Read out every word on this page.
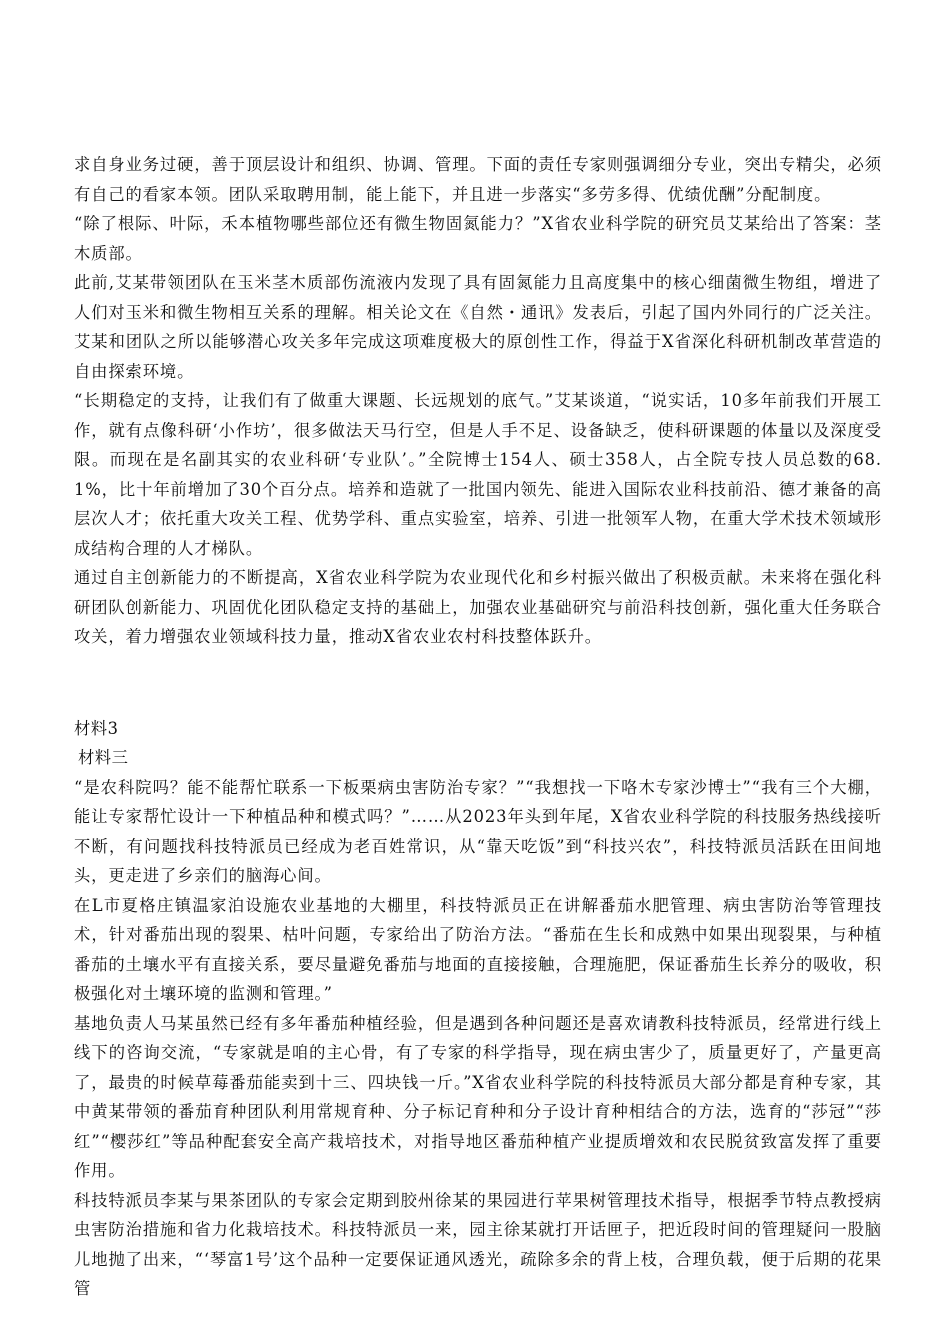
求自身业务过硬，善于顶层设计和组织、协调、管理。下面的责任专家则强调细分专业，突出专精尖，必须有自己的看家本领。团队采取聘用制，能上能下，并且进一步落实“多劳多得、优绩优酬”分配制度。

“除了根际、叶际，禾本植物哪些部位还有微生物固氮能力？”X省农业科学院的研究员艾某给出了答案：茎木质部。

此前,艾某带领团队在玉米茎木质部伤流液内发现了具有固氮能力且高度集中的核心细菌微生物组，增进了人们对玉米和微生物相互关系的理解。相关论文在《自然・通讯》发表后，引起了国内外同行的广泛关注。艾某和团队之所以能够潜心攻关多年完成这项难度极大的原创性工作，得益于X省深化科研机制改革营造的自由探索环境。

“长期稳定的支持，让我们有了做重大课题、长远规划的底气。”艾某谈道，“说实话，10多年前我们开展工作，就有点像科研‘小作坊’，很多做法天马行空，但是人手不足、设备缺乏，使科研课题的体量以及深度受限。而现在是名副其实的农业科研‘专业队’。”全院博士154人、硕士358人，占全院专技人员总数的68.1%，比十年前增加了30个百分点。培养和造就了一批国内领先、能进入国际农业科技前沿、德才兼备的高层次人才；依托重大攻关工程、优势学科、重点实验室，培养、引进一批领军人物，在重大学术技术领域形成结构合理的人才梯队。

通过自主创新能力的不断提高，X省农业科学院为农业现代化和乡村振兴做出了积极贡献。未来将在强化科研团队创新能力、巩固优化团队稳定支持的基础上，加强农业基础研究与前沿科技创新，强化重大任务联合攻关，着力增强农业领域科技力量，推动X省农业农村科技整体跃升。

材料3

材料三

“是农科院吗？能不能帮忙联系一下板栗病虫害防治专家？”“我想找一下咯木专家沙博士”“我有三个大棚，能让专家帮忙设计一下种植品种和模式吗？”……从2023年头到年尾，X省农业科学院的科技服务热线接听不断，有问题找科技特派员已经成为老百姓常识，从“靠天吃饭”到“科技兴农”，科技特派员活跃在田间地头，更走进了乡亲们的脑海心间。

在L市夏格庄镇温家泊设施农业基地的大棚里，科技特派员正在讲解番茄水肥管理、病虫害防治等管理技术，针对番茄出现的裂果、枯叶问题，专家给出了防治方法。“番茄在生长和成熟中如果出现裂果，与种植番茄的土壤水平有直接关系，要尽量避免番茄与地面的直接接触，合理施肥，保证番茄生长养分的吸收，积极强化对土壤环境的监测和管理。”

基地负责人马某虽然已经有多年番茄种植经验，但是遇到各种问题还是喜欢请教科技特派员，经常进行线上线下的咨询交流，“专家就是咱的主心骨，有了专家的科学指导，现在病虫害少了，质量更好了，产量更高了，最贵的时候草莓番茄能卖到十三、四块钱一斤。”X省农业科学院的科技特派员大部分都是育种专家，其中黄某带领的番茄育种团队利用常规育种、分子标记育种和分子设计育种相结合的方法，选育的“莎冠”“莎红”“樱莎红”等品种配套安全高产栽培技术，对指导地区番茄种植产业提质增效和农民脱贫致富发挥了重要作用。

科技特派员李某与果茶团队的专家会定期到胶州徐某的果园进行苹果树管理技术指导，根据季节特点教授病虫害防治措施和省力化栽培技术。科技特派员一来，园主徐某就打开话匣子，把近段时间的管理疑问一股脑儿地抛了出来，“‘琴富1号’这个品种一定要保证通风透光，疏除多余的背上枝，合理负载，便于后期的花果管
